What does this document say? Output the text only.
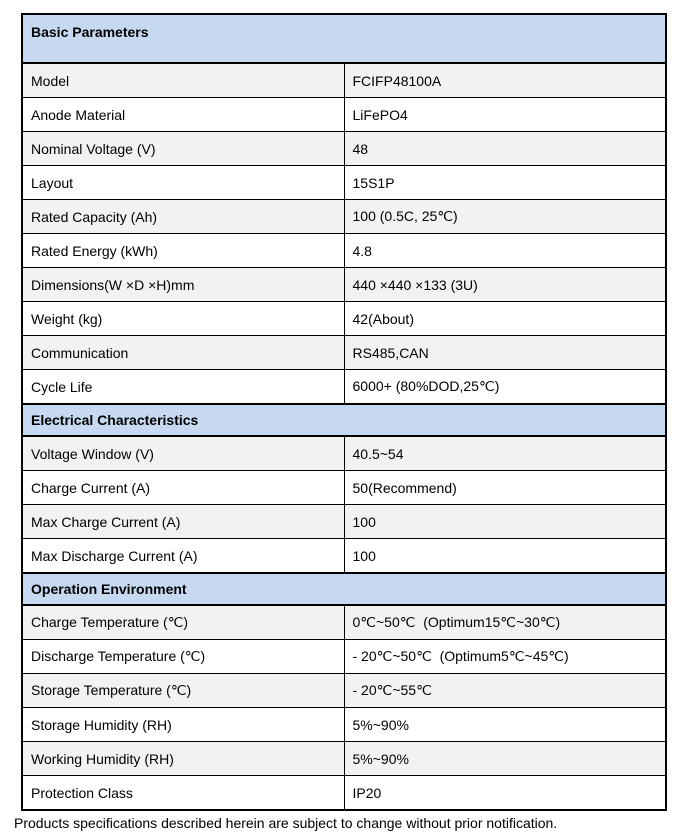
Basic Parameters	
Model	FCIFP48100A
Anode Material	LiFePO4
Nominal Voltage (V)	48
Layout	15S1P
Rated Capacity (Ah)	100 (0.5C, 25℃)
Rated Energy (kWh)	4.8
Dimensions(W ×D ×H)mm	440 ×440 ×133 (3U)
Weight (kg)	42(About)
Communication	RS485,CAN
Cycle Life	6000+ (80%DOD,25℃)
Electrical Characteristics	
Voltage Window (V)	40.5~54
Charge Current (A)	50(Recommend)
Max Charge Current (A)	100
Max Discharge Current (A)	100
Operation Environment	
Charge Temperature (℃)	0℃~50℃  (Optimum15℃~30℃)
Discharge Temperature (℃)	- 20℃~50℃  (Optimum5℃~45℃)
Storage Temperature (℃)	- 20℃~55℃
Storage Humidity (RH)	5%~90%
Working Humidity (RH)	5%~90%
Protection Class	IP20
Products specifications described herein are subject to change without prior notification.
